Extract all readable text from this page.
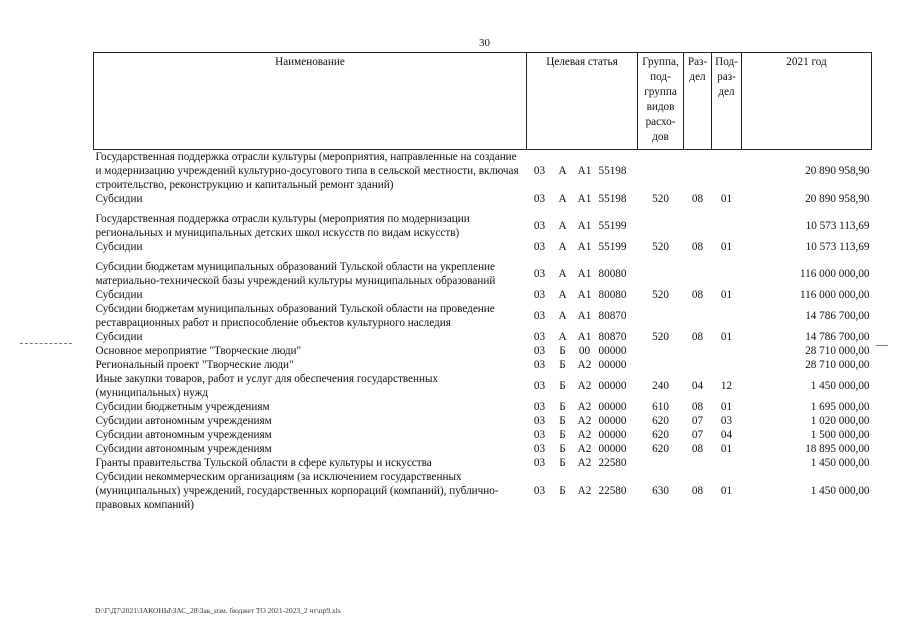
30
Наименование	Целевая статья				Группа, под-группа видов расхо-дов	Раз-дел	Под-раз-дел	2021 год
Государственная поддержка отрасли культуры (мероприятия, направленные на создание и модернизацию учреждений культурно-досугового типа в сельской местности, включая строительство, реконструкцию и капитальный ремонт зданий)	03	А	А1	55198				20 890 958,90
Субсидии	03	А	А1	55198	520	08	01	20 890 958,90

Государственная поддержка отрасли культуры (мероприятия по модернизации региональных и муниципальных детских школ искусств по видам искусств)	03	А	А1	55199				10 573 113,69
Субсидии	03	А	А1	55199	520	08	01	10 573 113,69

Субсидии бюджетам муниципальных образований Тульской области на укрепление материально-технической базы учреждений культуры муниципальных образований	03	А	А1	80080				116 000 000,00
Субсидии	03	А	А1	80080	520	08	01	116 000 000,00
Субсидии бюджетам муниципальных образований Тульской области на проведение реставрационных работ и приспособление объектов культурного наследия	03	А	А1	80870				14 786 700,00
Субсидии	03	А	А1	80870	520	08	01	14 786 700,00
Основное мероприятие "Творческие люди"	03	Б	00	00000				28 710 000,00
Региональный проект "Творческие люди"	03	Б	А2	00000				28 710 000,00
Иные закупки товаров, работ и услуг для обеспечения государственных (муниципальных) нужд	03	Б	А2	00000	240	04	12	1 450 000,00
Субсидии бюджетным учреждениям	03	Б	А2	00000	610	08	01	1 695 000,00
Субсидии автономным учреждениям	03	Б	А2	00000	620	07	03	1 020 000,00
Субсидии автономным учреждениям	03	Б	А2	00000	620	07	04	1 500 000,00
Субсидии автономным учреждениям	03	Б	А2	00000	620	08	01	18 895 000,00
Гранты правительства Тульской области в сфере культуры и искусства	03	Б	А2	22580				1 450 000,00
Субсидии некоммерческим организациям (за исключением государственных (муниципальных) учреждений, государственных корпораций (компаний), публично-правовых компаний)	03	Б	А2	22580	630	08	01	1 450 000,00
D:\Г\Д7\2021\ЗАКОНЫ\ЗАС_28\Зак_изм. бюджет ТО 2021-2023_2 чт\пр9.xls
